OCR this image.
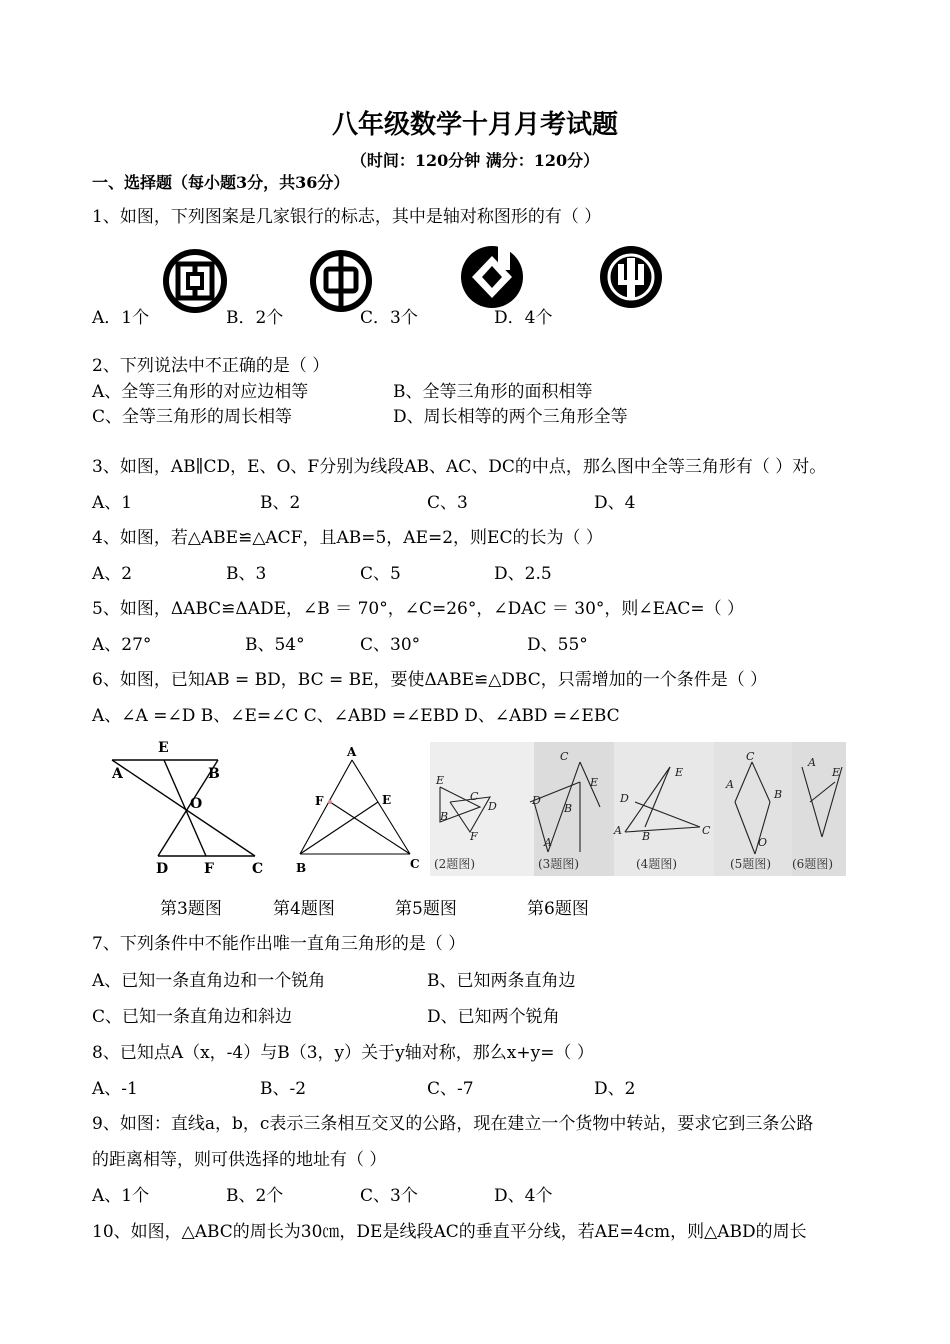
八年级数学十月月考试题
（时间：120分钟 满分：120分）
一、选择题（每小题3分，共36分）
1、如图，下列图案是几家银行的标志，其中是轴对称图形的有（ ）
A．1个	B．2个	C．3个	D．4个
2、下列说法中不正确的是（ ）
A、全等三角形的对应边相等	B、全等三角形的面积相等
C、全等三角形的周长相等	D、周长相等的两个三角形全等
3、如图，AB∥CD，E、O、F分别为线段AB、AC、DC的中点，那么图中全等三角形有（ ）对。
A、1	B、2	C、3	D、4
4、如图，若△ABE≌△ACF，且AB=5，AE=2，则EC的长为（ ）
A、2	B、3	C、5	D、2.5
5、如图，ΔABC≌ΔADE，∠B ＝ 70°，∠C=26°，∠DAC ＝ 30°，则∠EAC=（ ）
A、27°	B、54°	C、30°	D、55°
6、如图，已知AB = BD，BC = BE，要使ΔABE≌△DBC，只需增加的一个条件是（ ）
A、∠A =∠D B、∠E=∠C C、∠ABD =∠EBD D、∠ABD =∠EBC
A
E
B
O
D	F	C
A
F	E
B	C
E
C
D
B
F
C
E
D
B
A
E
D
A B	C
C
B
A
O
A
E
(2题图)	(3题图)	(4题图)	(5题图) (6题图)
第3题图	第4题图	第5题图	第6题图
7、下列条件中不能作出唯一直角三角形的是（ ）
A、已知一条直角边和一个锐角	B、已知两条直角边
C、已知一条直角边和斜边	D、已知两个锐角
8、已知点A（x，-4）与B（3，y）关于y轴对称，那么x+y=（ ）
A、-1	B、-2	C、-7	D、2
9、如图：直线a，b，c表示三条相互交叉的公路，现在建立一个货物中转站，要求它到三条公路
的距离相等，则可供选择的地址有（ ）
A、1个	B、2个	C、3个	D、4个
10、如图，△ABC的周长为30㎝，DE是线段AC的垂直平分线，若AE=4cm，则△ABD的周长
